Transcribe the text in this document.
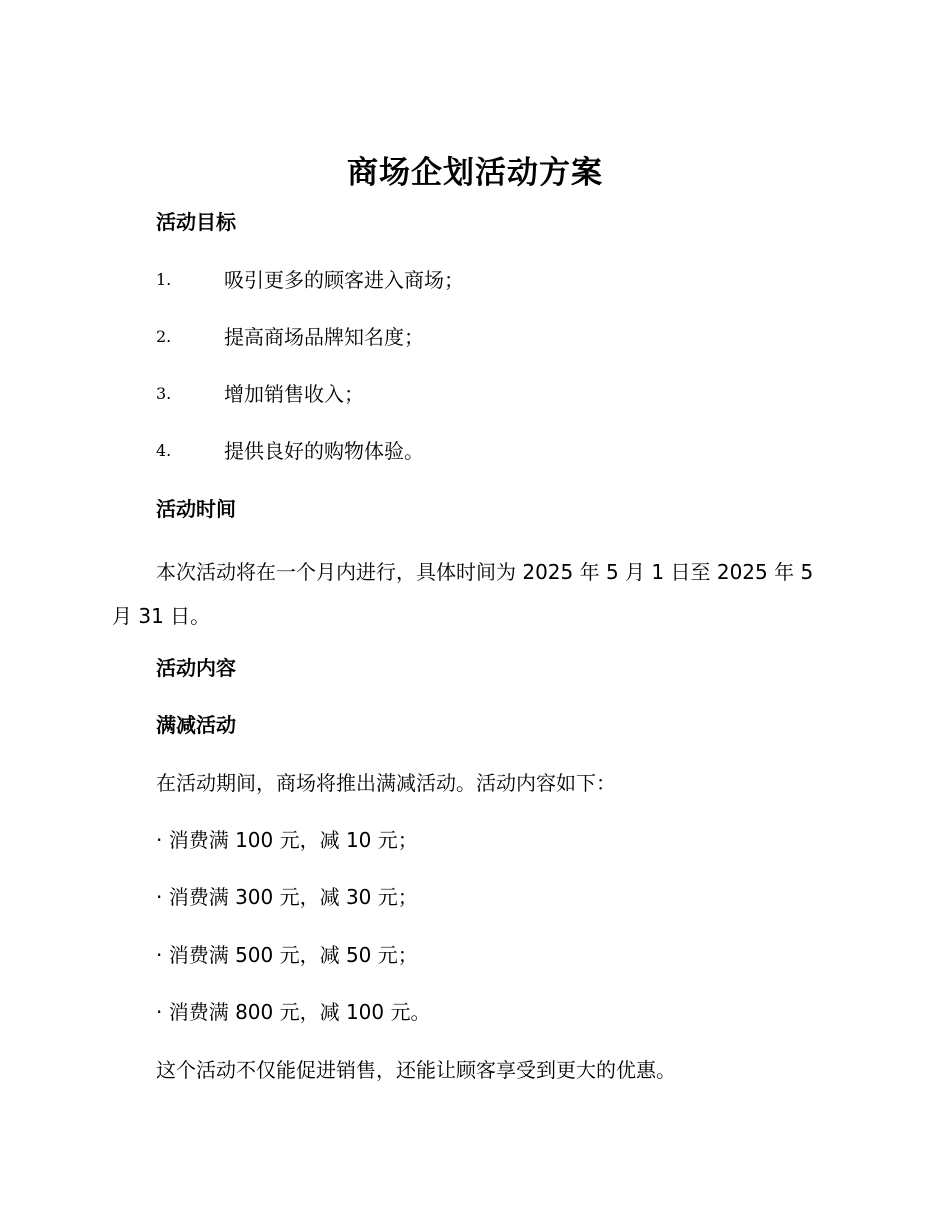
商场企划活动方案
活动目标
1.	吸引更多的顾客进入商场；
2.	提高商场品牌知名度；
3.	增加销售收入；
4.	提供良好的购物体验。
活动时间
本次活动将在一个月内进行，具体时间为 2025 年 5 月 1 日至 2025 年 5 月 31 日。
活动内容
满减活动
在活动期间，商场将推出满减活动。活动内容如下：
· 消费满 100 元，减 10 元；
· 消费满 300 元，减 30 元；
· 消费满 500 元，减 50 元；
· 消费满 800 元，减 100 元。
这个活动不仅能促进销售，还能让顾客享受到更大的优惠。
